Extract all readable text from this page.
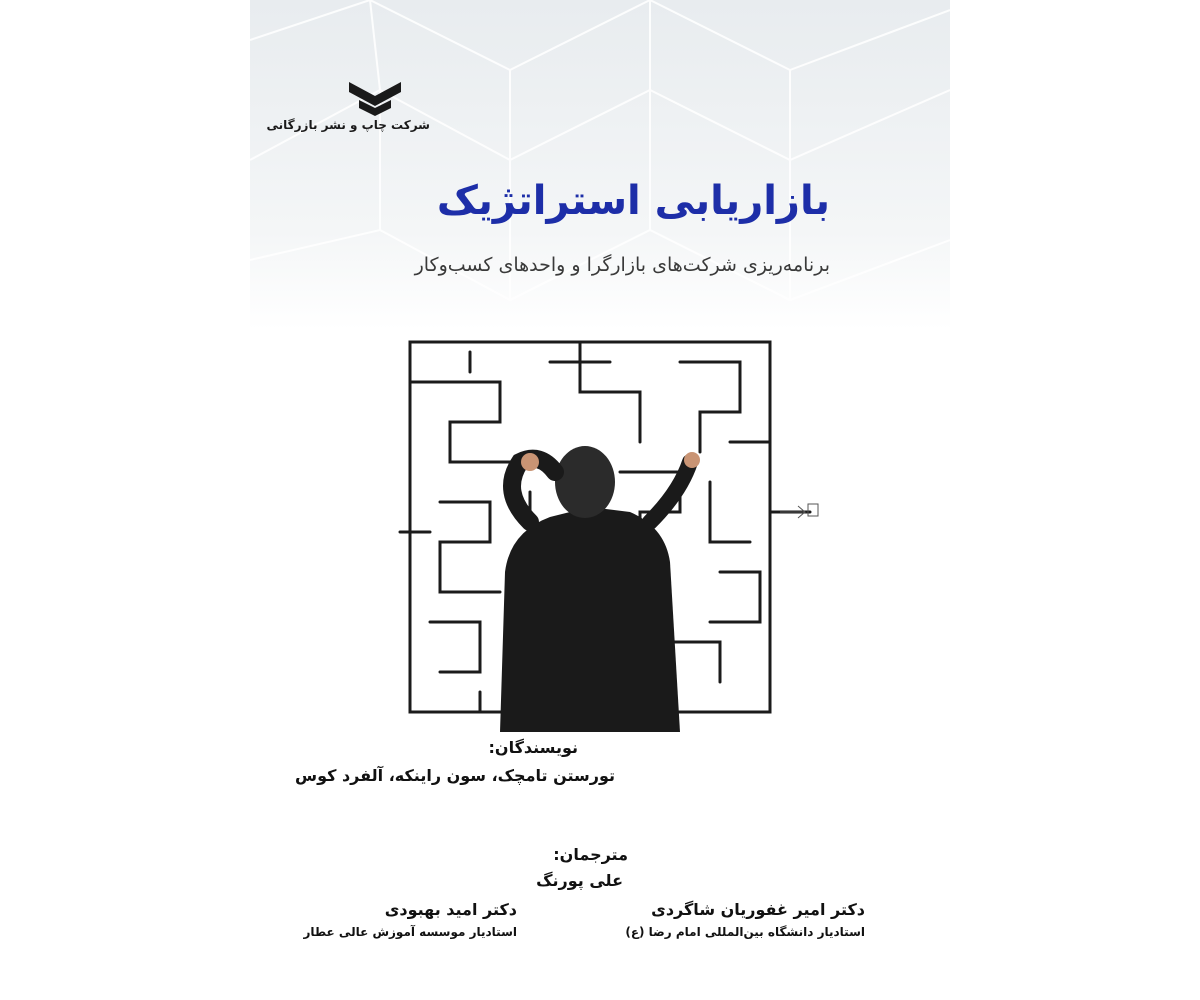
شرکت چاپ و نشر بازرگانی
بازاریابی استراتژیک
برنامه‌ریزی شرکت‌های بازارگرا و واحدهای کسب‌وکار
نویسندگان:
تورستن تامچک، سون راینکه، آلفرد کوس
مترجمان:
علی پورنگ
دکتر امیر غفوریان شاگردی
استادیار دانشگاه بین‌المللی امام رضا (ع)
دکتر امید بهبودی
استادیار موسسه آموزش عالی عطار
